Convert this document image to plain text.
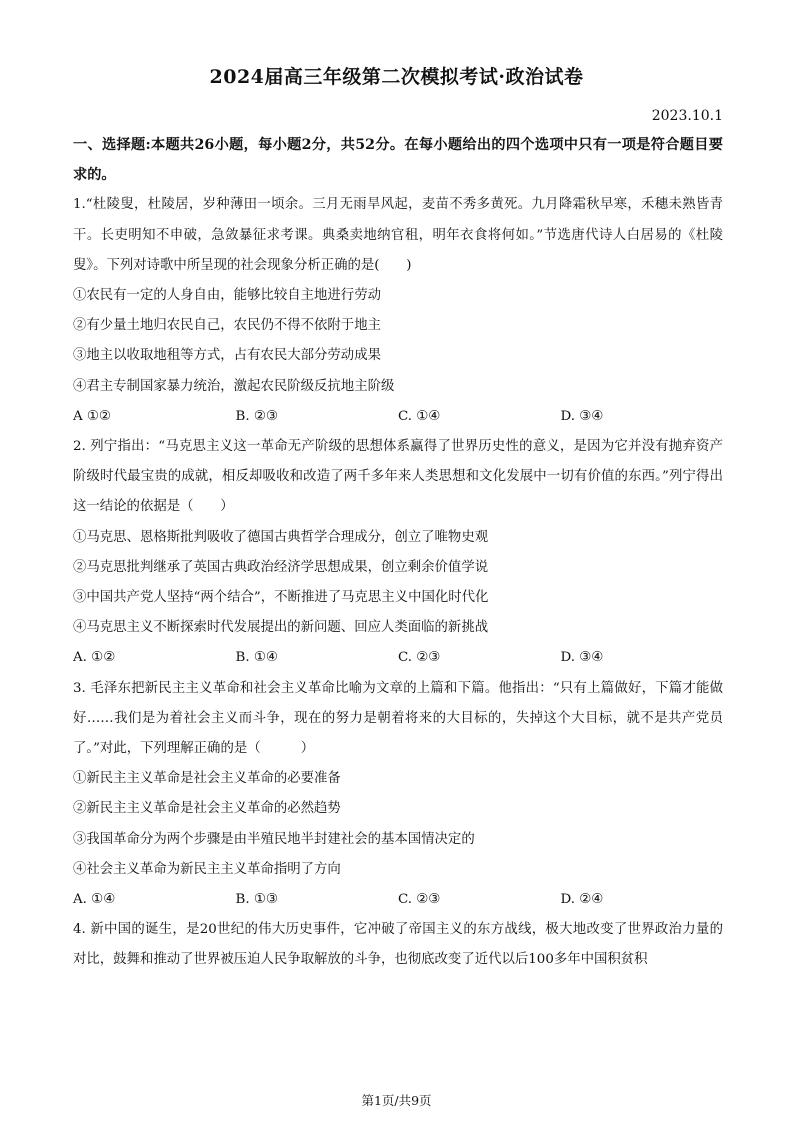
2024届高三年级第二次模拟考试·政治试卷
2023.10.1

一、选择题:本题共26小题，每小题2分，共52分。在每小题给出的四个选项中只有一项是符合题目要求的。

1.“杜陵叟，杜陵居，岁种薄田一顷余。三月无雨旱风起，麦苗不秀多黄死。九月降霜秋早寒，禾穗未熟皆青干。长吏明知不申破，急敛暴征求考课。典桑卖地纳官租，明年衣食将何如。”节选唐代诗人白居易的《杜陵叟》。下列对诗歌中所呈现的社会现象分析正确的是(　　)

①农民有一定的人身自由，能够比较自主地进行劳动

②有少量土地归农民自己，农民仍不得不依附于地主

③地主以收取地租等方式，占有农民大部分劳动成果

④君主专制国家暴力统治，激起农民阶级反抗地主阶级

A ①②	B. ②③	C. ①④	D. ③④

2. 列宁指出：“马克思主义这一革命无产阶级的思想体系赢得了世界历史性的意义，是因为它并没有抛弃资产阶级时代最宝贵的成就，相反却吸收和改造了两千多年来人类思想和文化发展中一切有价值的东西。”列宁得出这一结论的依据是（　　）

①马克思、恩格斯批判吸收了德国古典哲学合理成分，创立了唯物史观

②马克思批判继承了英国古典政治经济学思想成果，创立剩余价值学说

③中国共产党人坚持“两个结合”，不断推进了马克思主义中国化时代化

④马克思主义不断探索时代发展提出的新问题、回应人类面临的新挑战

A. ①②	B. ①④	C. ②③	D. ③④

3. 毛泽东把新民主主义革命和社会主义革命比喻为文章的上篇和下篇。他指出：“只有上篇做好，下篇才能做好……我们是为着社会主义而斗争，现在的努力是朝着将来的大目标的，失掉这个大目标，就不是共产党员了。”对此，下列理解正确的是（　　　）

①新民主主义革命是社会主义革命的必要准备

②新民主主义革命是社会主义革命的必然趋势

③我国革命分为两个步骤是由半殖民地半封建社会的基本国情决定的

④社会主义革命为新民主主义革命指明了方向

A. ①④	B. ①③	C. ②③	D. ②④

4. 新中国的诞生，是20世纪的伟大历史事件，它冲破了帝国主义的东方战线，极大地改变了世界政治力量的对比，鼓舞和推动了世界被压迫人民争取解放的斗争，也彻底改变了近代以后100多年中国积贫积

第1页/共9页
